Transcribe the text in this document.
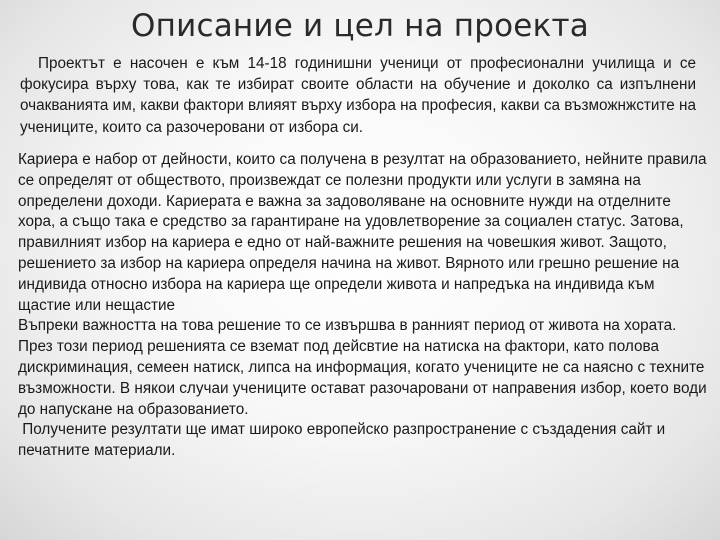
Описание и цел на проекта

Проектът е насочен е към 14-18 годинишни ученици от професионални училища и се фокусира върху това, как те избират своите области на обучение и доколко са изпълнени очакванията им, какви фактори влияят върху избора на професия, какви са възможнжстите на учениците, които са разочеровани от избора си.

Кариера е набор от дейности, които са получена в резултат на образованието, нейните правила се определят от обществото, произвеждат се полезни продукти или услуги в замяна на определени доходи. Кариерата е важна за задоволяване на основните нужди на отделните хора, а също така е средство за гарантиране на удовлетворение за социален статус. Затова, правилният избор на кариера е едно от най-важните решения на човешкия живот. Защото, решението за избор на кариера определя начина на живот. Вярното или грешно решение на индивида относно избора на кариера ще определи живота и напредъка на индивида към щастие или нещастие

Въпреки важността на това решение то се извършва в ранният период от живота на хората. През този период решенията се вземат под дейсвтие на натиска на фактори, като полова дискриминация, семеен натиск, липса на информация, когато учениците не са наясно с техните възможности. В някои случаи учениците остават разочаровани от направения избор, което води до напускане на образованието.

Получените резултати ще имат широко европейско разпространение с създадения сайт и печатните материали.
